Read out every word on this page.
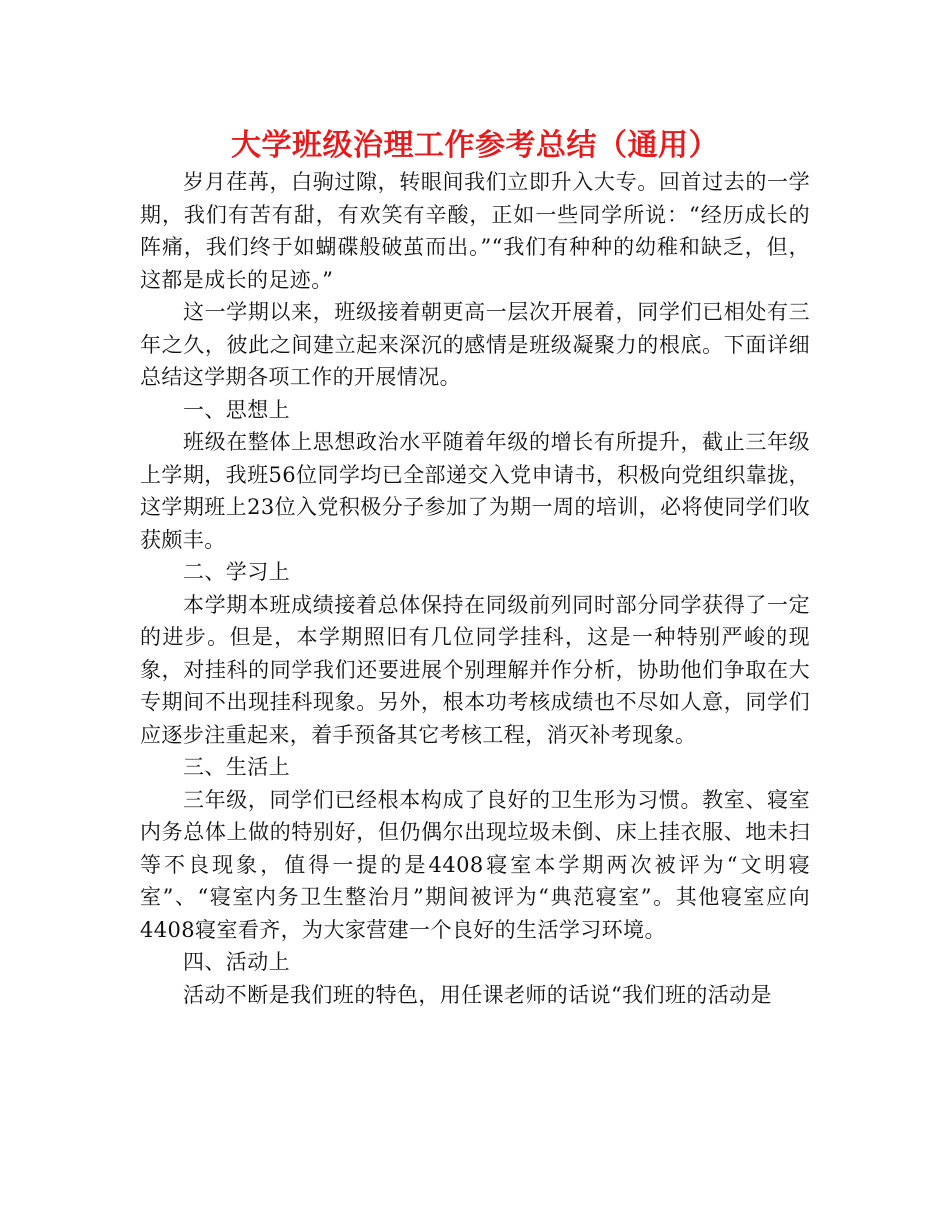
大学班级治理工作参考总结（通用）

岁月荏苒，白驹过隙，转眼间我们立即升入大专。回首过去的一学期，我们有苦有甜，有欢笑有辛酸，正如一些同学所说：“经历成长的阵痛，我们终于如蝴碟般破茧而出。”“我们有种种的幼稚和缺乏，但，这都是成长的足迹。”

这一学期以来，班级接着朝更高一层次开展着，同学们已相处有三年之久，彼此之间建立起来深沉的感情是班级凝聚力的根底。下面详细总结这学期各项工作的开展情况。

一、思想上

班级在整体上思想政治水平随着年级的增长有所提升，截止三年级上学期，我班56位同学均已全部递交入党申请书，积极向党组织靠拢，这学期班上23位入党积极分子参加了为期一周的培训，必将使同学们收获颇丰。

二、学习上

本学期本班成绩接着总体保持在同级前列同时部分同学获得了一定的进步。但是，本学期照旧有几位同学挂科，这是一种特别严峻的现象，对挂科的同学我们还要进展个别理解并作分析，协助他们争取在大专期间不出现挂科现象。另外，根本功考核成绩也不尽如人意，同学们应逐步注重起来，着手预备其它考核工程，消灭补考现象。

三、生活上

三年级，同学们已经根本构成了良好的卫生形为习惯。教室、寝室内务总体上做的特别好，但仍偶尔出现垃圾未倒、床上挂衣服、地未扫等不良现象，值得一提的是4408寝室本学期两次被评为“文明寝室”、“寝室内务卫生整治月”期间被评为“典范寝室”。其他寝室应向4408寝室看齐，为大家营建一个良好的生活学习环境。

四、活动上

活动不断是我们班的特色，用任课老师的话说“我们班的活动是
